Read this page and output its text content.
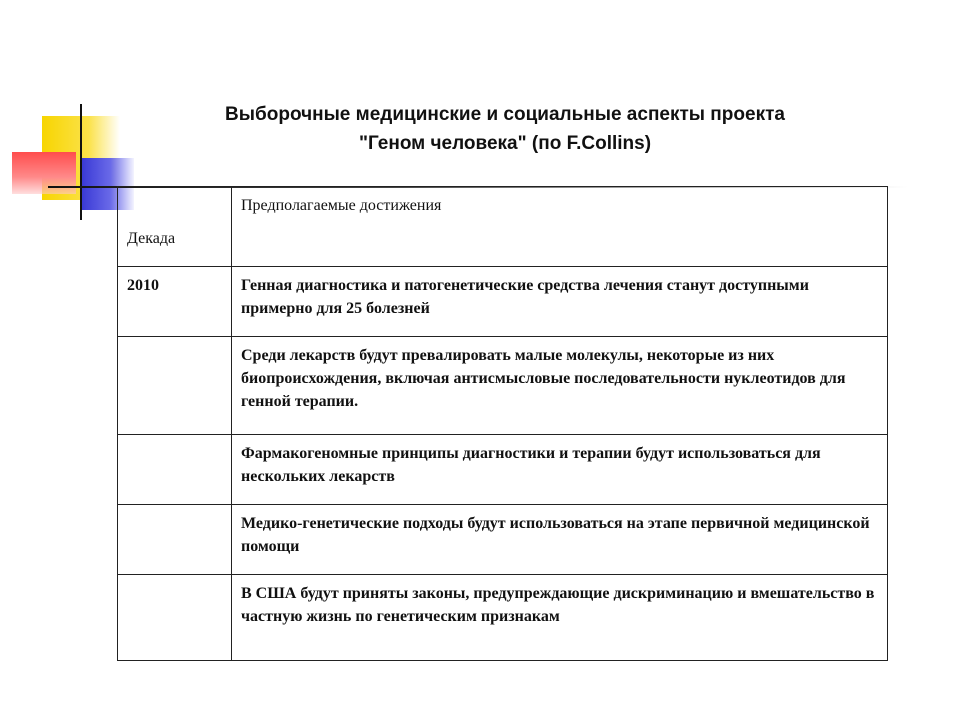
Выборочные медицинские и социальные аспекты проекта
"Геном человека" (по F.Collins)
Декада	Предполагаемые достижения
2010	Генная диагностика и патогенетические средства лечения станут доступными примерно для 25 болезней
	Среди лекарств будут превалировать малые молекулы, некоторые из них биопроисхождения, включая антисмысловые последовательности нуклеотидов для генной терапии.
	Фармакогеномные принципы диагностики и терапии будут использоваться для нескольких лекарств
	Медико-генетические подходы будут использоваться на этапе первичной медицинской помощи
	В США будут приняты законы, предупреждающие дискриминацию и вмешательство в частную жизнь по генетическим признакам
